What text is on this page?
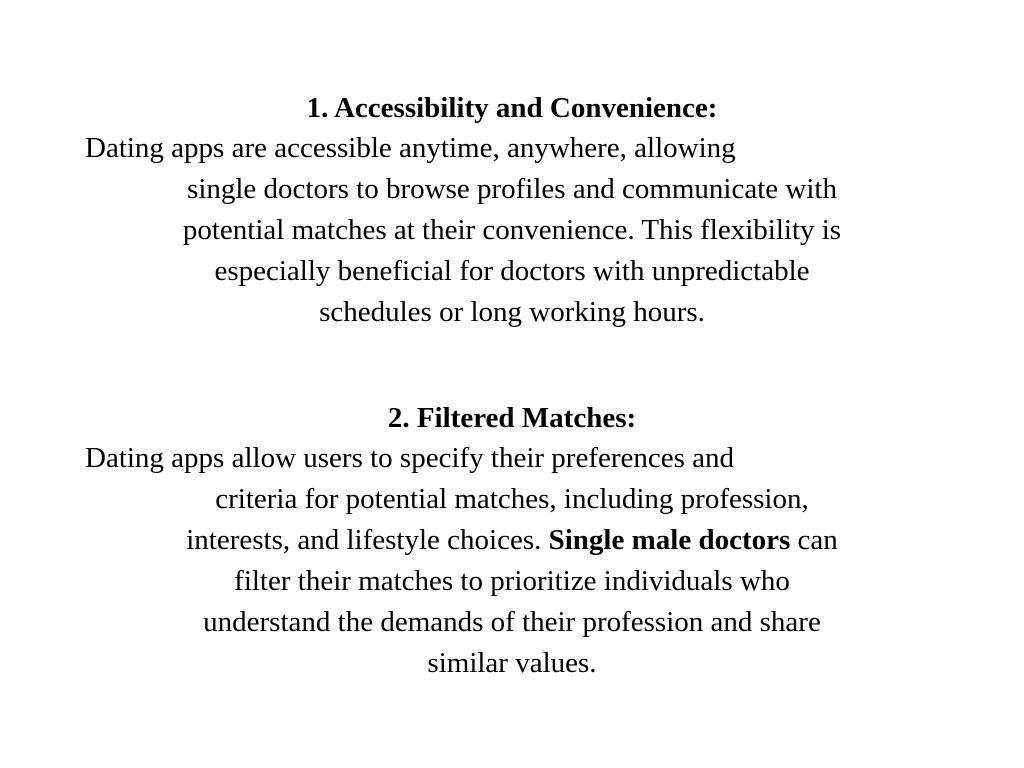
1. Accessibility and Convenience:

Dating apps are accessible anytime, anywhere, allowing
single doctors to browse profiles and communicate with
potential matches at their convenience. This flexibility is
especially beneficial for doctors with unpredictable
schedules or long working hours.

2. Filtered Matches:

Dating apps allow users to specify their preferences and
criteria for potential matches, including profession,
interests, and lifestyle choices. Single male doctors can
filter their matches to prioritize individuals who
understand the demands of their profession and share
similar values.
